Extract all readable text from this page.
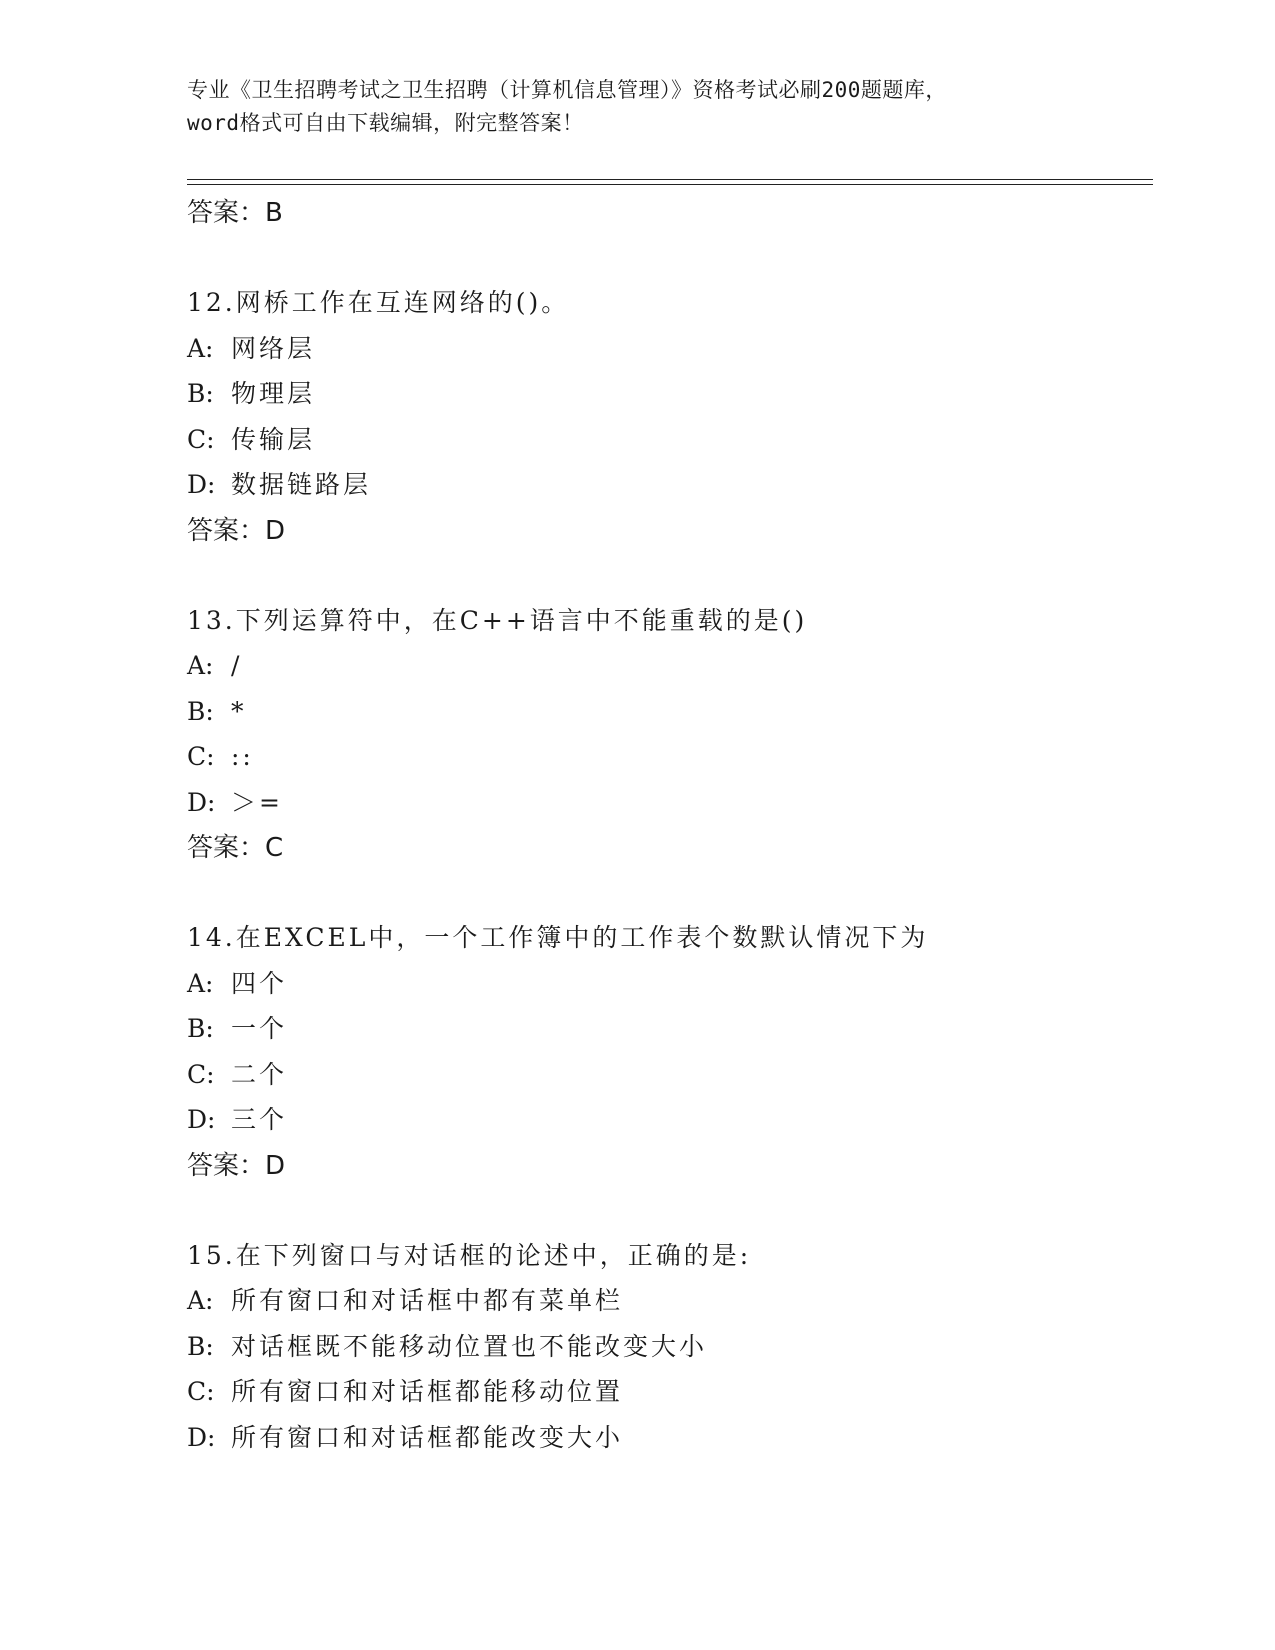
专业《卫生招聘考试之卫生招聘（计算机信息管理）》资格考试必刷200题题库，
word格式可自由下载编辑，附完整答案！
答案：B
12.网桥工作在互连网络的()。
A: 网络层
B: 物理层
C: 传输层
D: 数据链路层
答案：D
13.下列运算符中，在C++语言中不能重载的是()
A: /
B: *
C: ::
D: ＞=
答案：C
14.在EXCEL中，一个工作簿中的工作表个数默认情况下为
A: 四个
B: 一个
C: 二个
D: 三个
答案：D
15.在下列窗口与对话框的论述中，正确的是:
A: 所有窗口和对话框中都有菜单栏
B: 对话框既不能移动位置也不能改变大小
C: 所有窗口和对话框都能移动位置
D: 所有窗口和对话框都能改变大小
